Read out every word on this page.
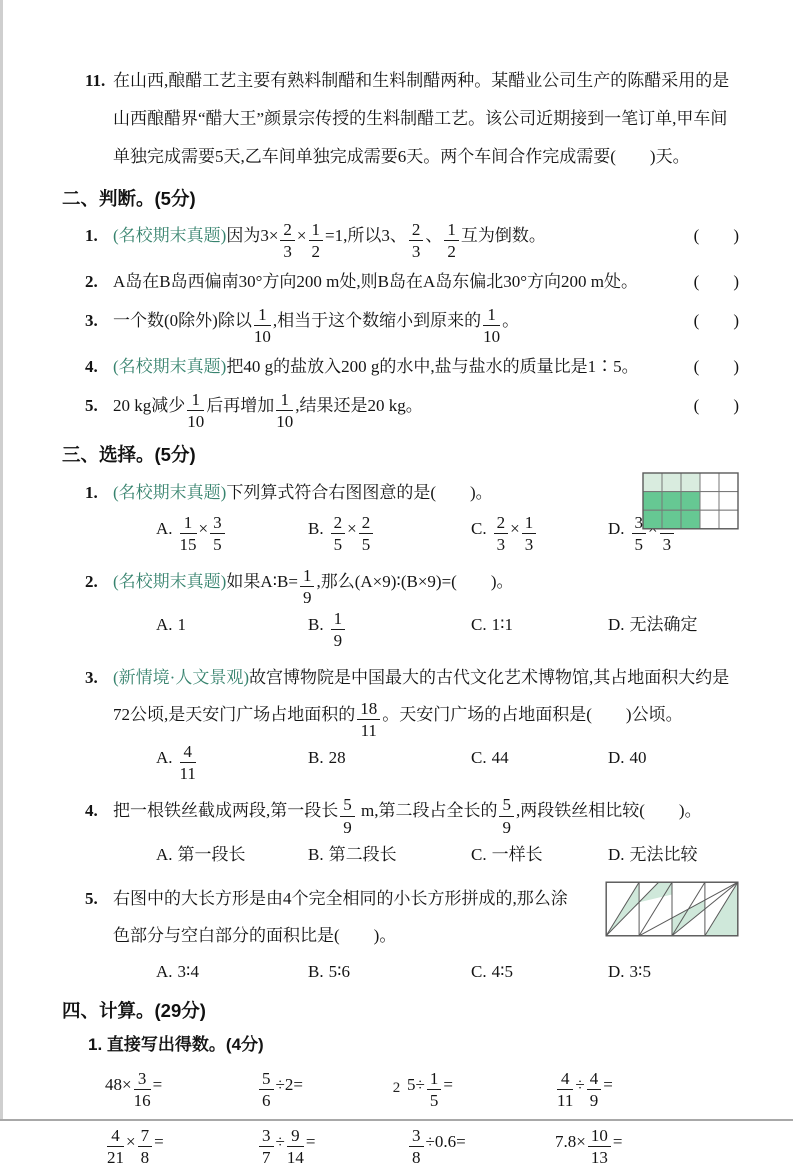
11. 在山西,酿醋工艺主要有熟料制醋和生料制醋两种。某醋业公司生产的陈醋采用的是山西酿醋界“醋大王”颜景宗传授的生料制醋工艺。该公司近期接到一笔订单,甲车间单独完成需要5天,乙车间单独完成需要6天。两个车间合作完成需要(　　 )天。
二、判断。(5分)
1. (名校期末真题)因为$3\times \frac{2}{3} \times \frac{1}{2} =1$,所以3、 $\frac{2}{3}$ 、 $\frac{1}{2}$ 互为倒数。	(　　)
2. A岛在B岛西偏南30°方向200 m处,则B岛在A岛东偏北30°方向200 m处。	(　　)
3. 一个数(0除外)除以 $\frac{1}{10}$ ,相当于这个数缩小到原来的 $\frac{1}{10}$ 。	(　　)
4. (名校期末真题)把40 g的盐放入200 g的水中,盐与盐水的质量比是1∶5。	(　　)
5. 20 kg减少 $\frac{1}{10}$ 后再增加 $\frac{1}{10}$ ,结果还是20 kg。	(　　)
三、选择。(5分)
1. (名校期末真题)下列算式符合右图图意的是(　　 )。
A. $\frac{1}{15} \times \frac{3}{5}$	B. $\frac{2}{5} \times \frac{2}{5}$	C. $\frac{2}{3} \times \frac{1}{3}$	D. $\frac{3}{5} 3$
2. (名校期末真题)如果A∶B= $\frac{1}{9}$ ,那么(A×9)∶(B×9)=(　　 )。
A. 1	B. $\frac{1}{9}$	C. 1∶1	D. 无法确定
3. (新情境·人文景观)故宫博物院是中国最大的古代文化艺术博物馆,其占地面积大约是72公顷,是天安门广场占地面积的 $\frac{18}{11}$ 。天安门广场的占地面积是(　　 )公顷。
A. $\frac{4}{11}$	B. 28	C. 44	D. 40
4. 把一根铁丝截成两段,第一段长 $\frac{5}{9} m$,第二段占全长的 $\frac{5}{9}$ ,两段铁丝相比较(　　 )。
A. 第一段长	B. 第二段长	C. 一样长	D. 无法比较
5. 右图中的大长方形是由4个完全相同的小长方形拼成的,那么涂色部分与空白部分的面积比是(　　 )。
A. 3∶4	B. 5∶6	C. 4∶5	D. 3∶5
四、计算。(29分)
1. 直接写出得数。(4分)
$48\times \frac{3}{16}$ =	$\frac{5}{6} \div 2=$	$5\div \frac{1}{5}$ =	$\frac{4}{11} \div \frac{4}{9}$ =
$\frac{4}{21} \times \frac{7}{8}$ =	$\frac{3}{7} \div \frac{9}{14}$ =	$\frac{3}{8} \div 0.6=$	$7.8\times \frac{10}{13}$ =
2
